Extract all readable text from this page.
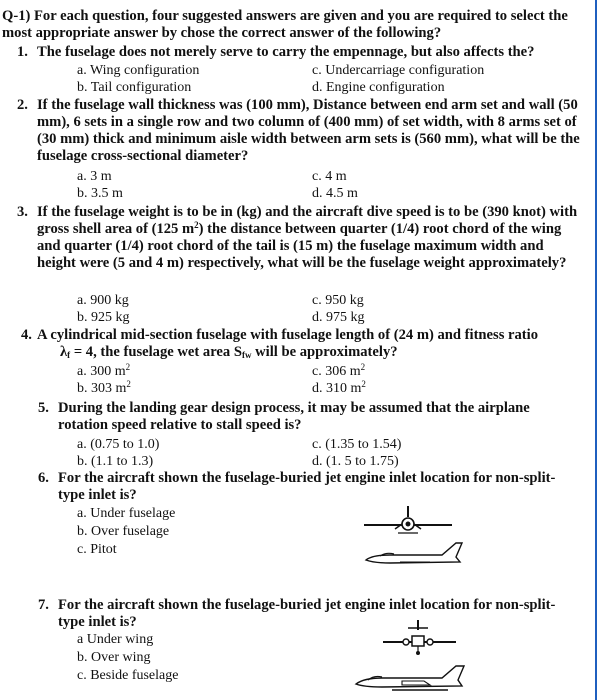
Q-1) For each question, four suggested answers are given and you are required to select the most appropriate answer by chose the correct answer of the following?
1. The fuselage does not merely serve to carry the empennage, but also affects the?
a. Wing configuration
b. Tail configuration
c. Undercarriage configuration
d. Engine configuration
2. If the fuselage wall thickness was (100 mm), Distance between end arm set and wall (50 mm), 6 sets in a single row and two column of (400 mm) of set width, with 8 arms set of (30 mm) thick and minimum aisle width between arm sets is (560 mm), what will be the fuselage cross-sectional diameter?
a. 3 m
b. 3.5 m
c. 4 m
d. 4.5 m
3. If the fuselage weight is to be in (kg) and the aircraft dive speed is to be (390 knot) with gross shell area of (125 $m^2$) the distance between quarter (1/4) root chord of the wing and quarter (1/4) root chord of the tail is (15 m) the fuselage maximum width and height were (5 and 4 m) respectively, what will be the fuselage weight approximately?
a. 900 kg
b. 925 kg
c. 950 kg
d. 975 kg
4. A cylindrical mid-section fuselage with fuselage length of (24 m) and fitness ratio
$\lambda_f = 4$, the fuselage wet area $S_{fw}$ will be approximately?
a. 300 $m^2$
b. 303 $m^2$
c. 306 $m^2$
d. 310 $m^2$
5. During the landing gear design process, it may be assumed that the airplane rotation speed relative to stall speed is?
a. (0.75 to 1.0)
b. (1.1 to 1.3)
c. (1.35 to 1.54)
d. (1. 5 to 1.75)
6. For the aircraft shown the fuselage-buried jet engine inlet location for non-split-type inlet is?
a. Under fuselage
b. Over fuselage
c. Pitot
7. For the aircraft shown the fuselage-buried jet engine inlet location for non-split- type inlet is?
a Under wing
b. Over wing
c. Beside fuselage
